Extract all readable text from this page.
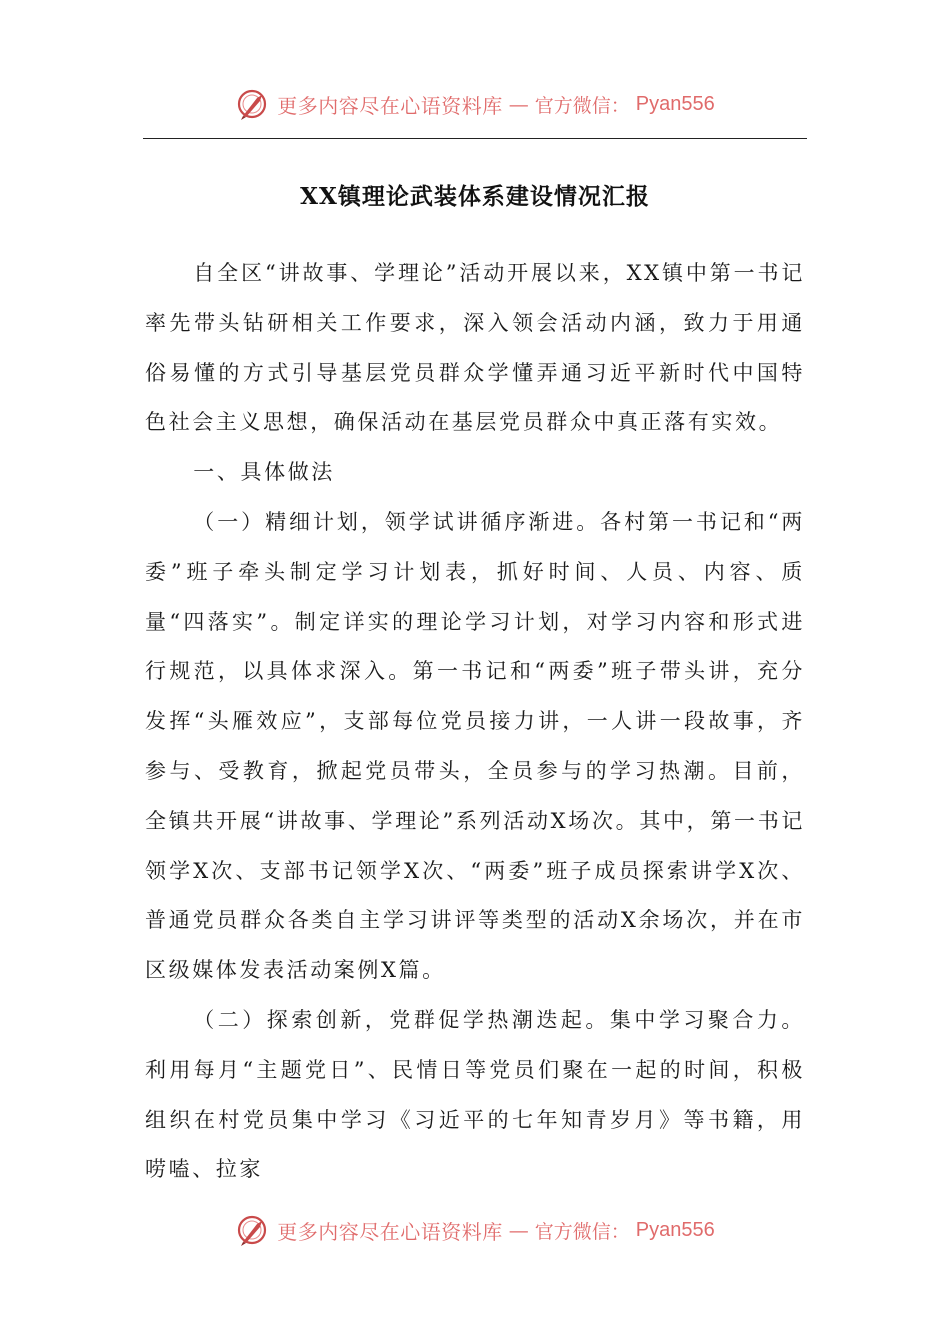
更多内容尽在心语资料库 — 官方微信： Pyan556
XX镇理论武装体系建设情况汇报

自全区“讲故事、学理论”活动开展以来，XX镇中第一书记率先带头钻研相关工作要求，深入领会活动内涵，致力于用通俗易懂的方式引导基层党员群众学懂弄通习近平新时代中国特色社会主义思想，确保活动在基层党员群众中真正落有实效。

一、具体做法

（一）精细计划，领学试讲循序渐进。各村第一书记和“两委”班子牵头制定学习计划表，抓好时间、人员、内容、质量“四落实”。制定详实的理论学习计划，对学习内容和形式进行规范，以具体求深入。第一书记和“两委”班子带头讲，充分发挥“头雁效应”，支部每位党员接力讲，一人讲一段故事，齐参与、受教育，掀起党员带头，全员参与的学习热潮。目前，全镇共开展“讲故事、学理论”系列活动X场次。其中，第一书记领学X次、支部书记领学X次、“两委”班子成员探索讲学X次、普通党员群众各类自主学习讲评等类型的活动X余场次，并在市区级媒体发表活动案例X篇。

（二）探索创新，党群促学热潮迭起。集中学习聚合力。利用每月“主题党日”、民情日等党员们聚在一起的时间，积极组织在村党员集中学习《习近平的七年知青岁月》等书籍，用唠嗑、拉家

更多内容尽在心语资料库 — 官方微信： Pyan556
